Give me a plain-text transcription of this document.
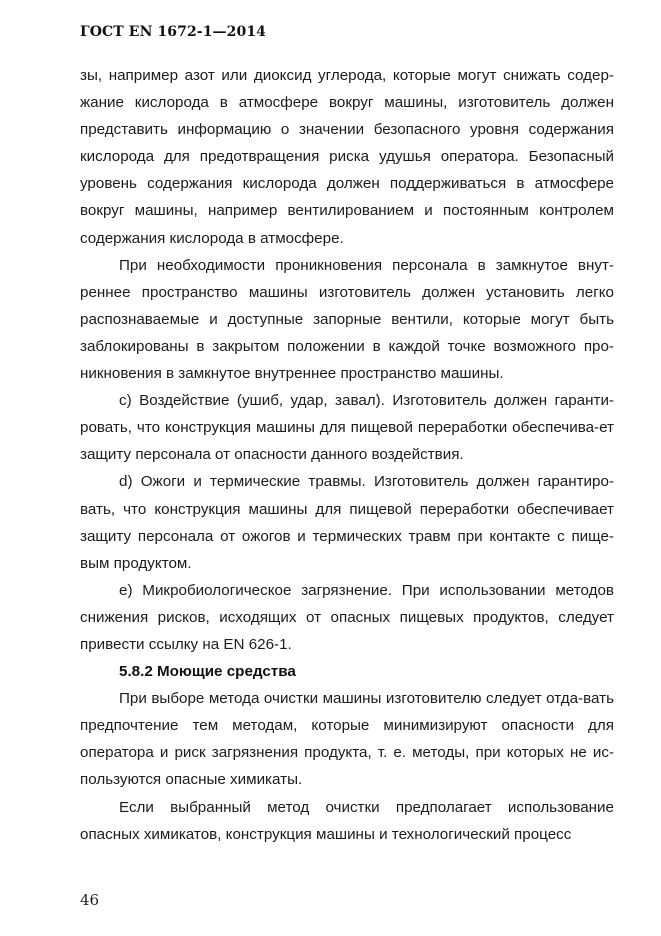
ГОСТ EN 1672-1—2014

зы, например азот или диоксид углерода, которые могут снижать содер-жание кислорода в атмосфере вокруг машины, изготовитель должен представить информацию о значении безопасного уровня содержания кислорода для предотвращения риска удушья оператора. Безопасный уровень содержания кислорода должен поддерживаться в атмосфере вокруг машины, например вентилированием и постоянным контролем содержания кислорода в атмосфере.

При необходимости проникновения персонала в замкнутое внут-реннее пространство машины изготовитель должен установить легко распознаваемые и доступные запорные вентили, которые могут быть заблокированы в закрытом положении в каждой точке возможного про-никновения в замкнутое внутреннее пространство машины.

c) Воздействие (ушиб, удар, завал). Изготовитель должен гаранти-ровать, что конструкция машины для пищевой переработки обеспечива-ет защиту персонала от опасности данного воздействия.

d) Ожоги и термические травмы. Изготовитель должен гарантиро-вать, что конструкция машины для пищевой переработки обеспечивает защиту персонала от ожогов и термических травм при контакте с пище-вым продуктом.

e) Микробиологическое загрязнение. При использовании методов снижения рисков, исходящих от опасных пищевых продуктов, следует привести ссылку на EN 626-1.

5.8.2 Моющие средства

При выборе метода очистки машины изготовителю следует отда-вать предпочтение тем методам, которые минимизируют опасности для оператора и риск загрязнения продукта, т. е. методы, при которых не ис-пользуются опасные химикаты.

Если выбранный метод очистки предполагает использование опасных химикатов, конструкция машины и технологический процесс

46
